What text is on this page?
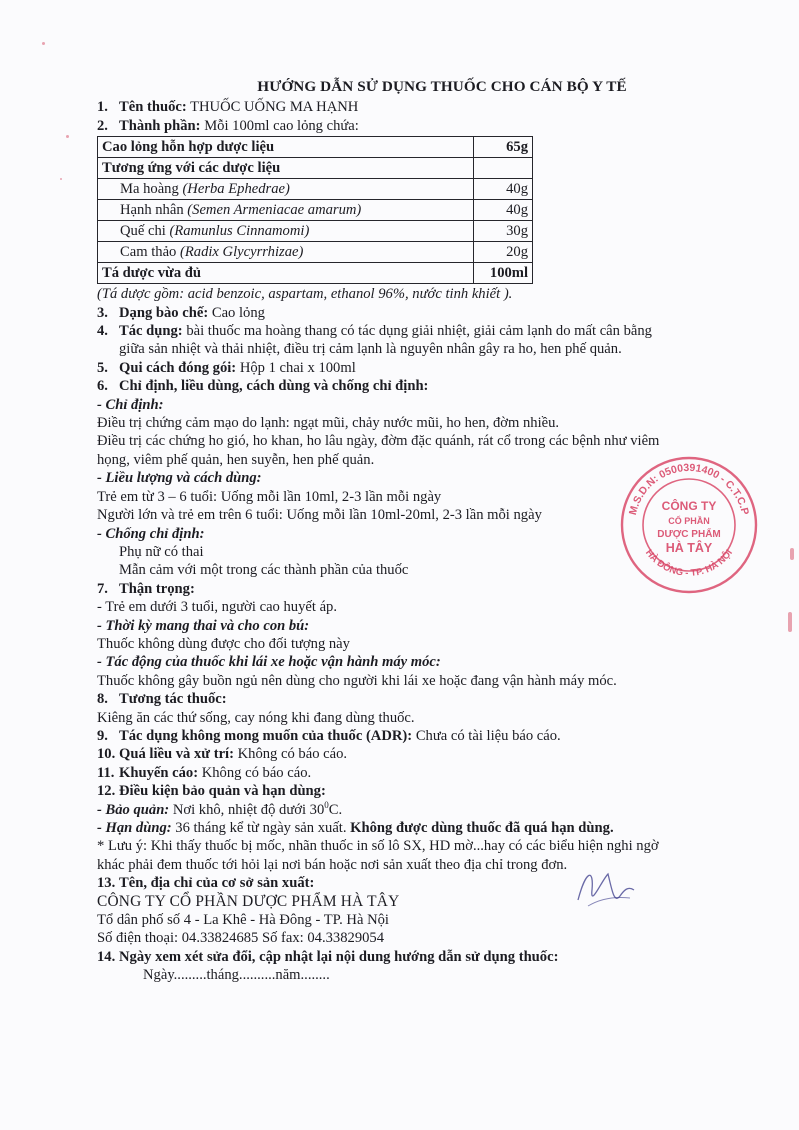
HƯỚNG DẪN SỬ DỤNG THUỐC CHO CÁN BỘ Y TẾ

1. Tên thuốc: THUỐC UỐNG MA HẠNH

2. Thành phần: Mỗi 100ml cao lỏng chứa:

Cao lỏng hỗn hợp dược liệu	65g
Tương ứng với các dược liệu	
Ma hoàng (Herba Ephedrae)	40g
Hạnh nhân (Semen Armeniacae amarum)	40g
Quế chi (Ramunlus Cinnamomi)	30g
Cam thảo (Radix Glycyrrhizae)	20g
Tá dược vừa đủ	100ml

(Tá dược gồm: acid benzoic, aspartam, ethanol 96%, nước tinh khiết ).

3. Dạng bào chế: Cao lỏng

4. Tác dụng: bài thuốc ma hoàng thang có tác dụng giải nhiệt, giải cảm lạnh do mất cân bằng

giữa sản nhiệt và thải nhiệt, điều trị cảm lạnh là nguyên nhân gây ra ho, hen phế quản.

5. Qui cách đóng gói: Hộp 1 chai x 100ml

6. Chỉ định, liều dùng, cách dùng và chống chỉ định:

- Chỉ định:

Điều trị chứng cảm mạo do lạnh: ngạt mũi, chảy nước mũi, ho hen, đờm nhiều.

Điều trị các chứng ho gió, ho khan, ho lâu ngày, đờm đặc quánh, rát cổ trong các bệnh như viêm

họng, viêm phế quản, hen suyễn, hen phế quản.

- Liều lượng và cách dùng:

Trẻ em từ 3 – 6 tuổi: Uống mỗi lần 10ml, 2-3 lần mỗi ngày

Người lớn và trẻ em trên 6 tuổi: Uống mỗi lần 10ml-20ml, 2-3 lần mỗi ngày

- Chống chỉ định:

Phụ nữ có thai

Mẫn cảm với một trong các thành phần của thuốc

7. Thận trọng:

- Trẻ em dưới 3 tuổi, người cao huyết áp.

- Thời kỳ mang thai và cho con bú:

Thuốc không dùng được cho đối tượng này

- Tác động của thuốc khi lái xe hoặc vận hành máy móc:

Thuốc không gây buồn ngủ nên dùng cho người khi lái xe hoặc đang vận hành máy móc.

8. Tương tác thuốc:

Kiêng ăn các thứ sống, cay nóng khi đang dùng thuốc.

9. Tác dụng không mong muốn của thuốc (ADR): Chưa có tài liệu báo cáo.

10. Quá liều và xử trí: Không có báo cáo.

11. Khuyến cáo: Không có báo cáo.

12. Điều kiện bảo quản và hạn dùng:

- Bảo quản: Nơi khô, nhiệt độ dưới $30^0C$.

- Hạn dùng: 36 tháng kể từ ngày sản xuất. Không được dùng thuốc đã quá hạn dùng.

* Lưu ý: Khi thấy thuốc bị mốc, nhãn thuốc in số lô SX, HD mờ...hay có các biểu hiện nghi ngờ

khác phải đem thuốc tới hỏi lại nơi bán hoặc nơi sản xuất theo địa chỉ trong đơn.

13. Tên, địa chỉ của cơ sở sản xuất:

CÔNG TY CỔ PHẦN DƯỢC PHẨM HÀ TÂY

Tổ dân phố số 4 - La Khê - Hà Đông - TP. Hà Nội

Số điện thoại: 04.33824685 Số fax: 04.33829054

14. Ngày xem xét sửa đổi, cập nhật lại nội dung hướng dẫn sử dụng thuốc:

Ngày.........tháng..........năm........

M.S.D.N: 0500391400 - C.T.C.P
HÀ ĐÔNG - TP. HÀ NỘI
CÔNG TY
CỔ PHẦN
DƯỢC PHẨM
HÀ TÂY
